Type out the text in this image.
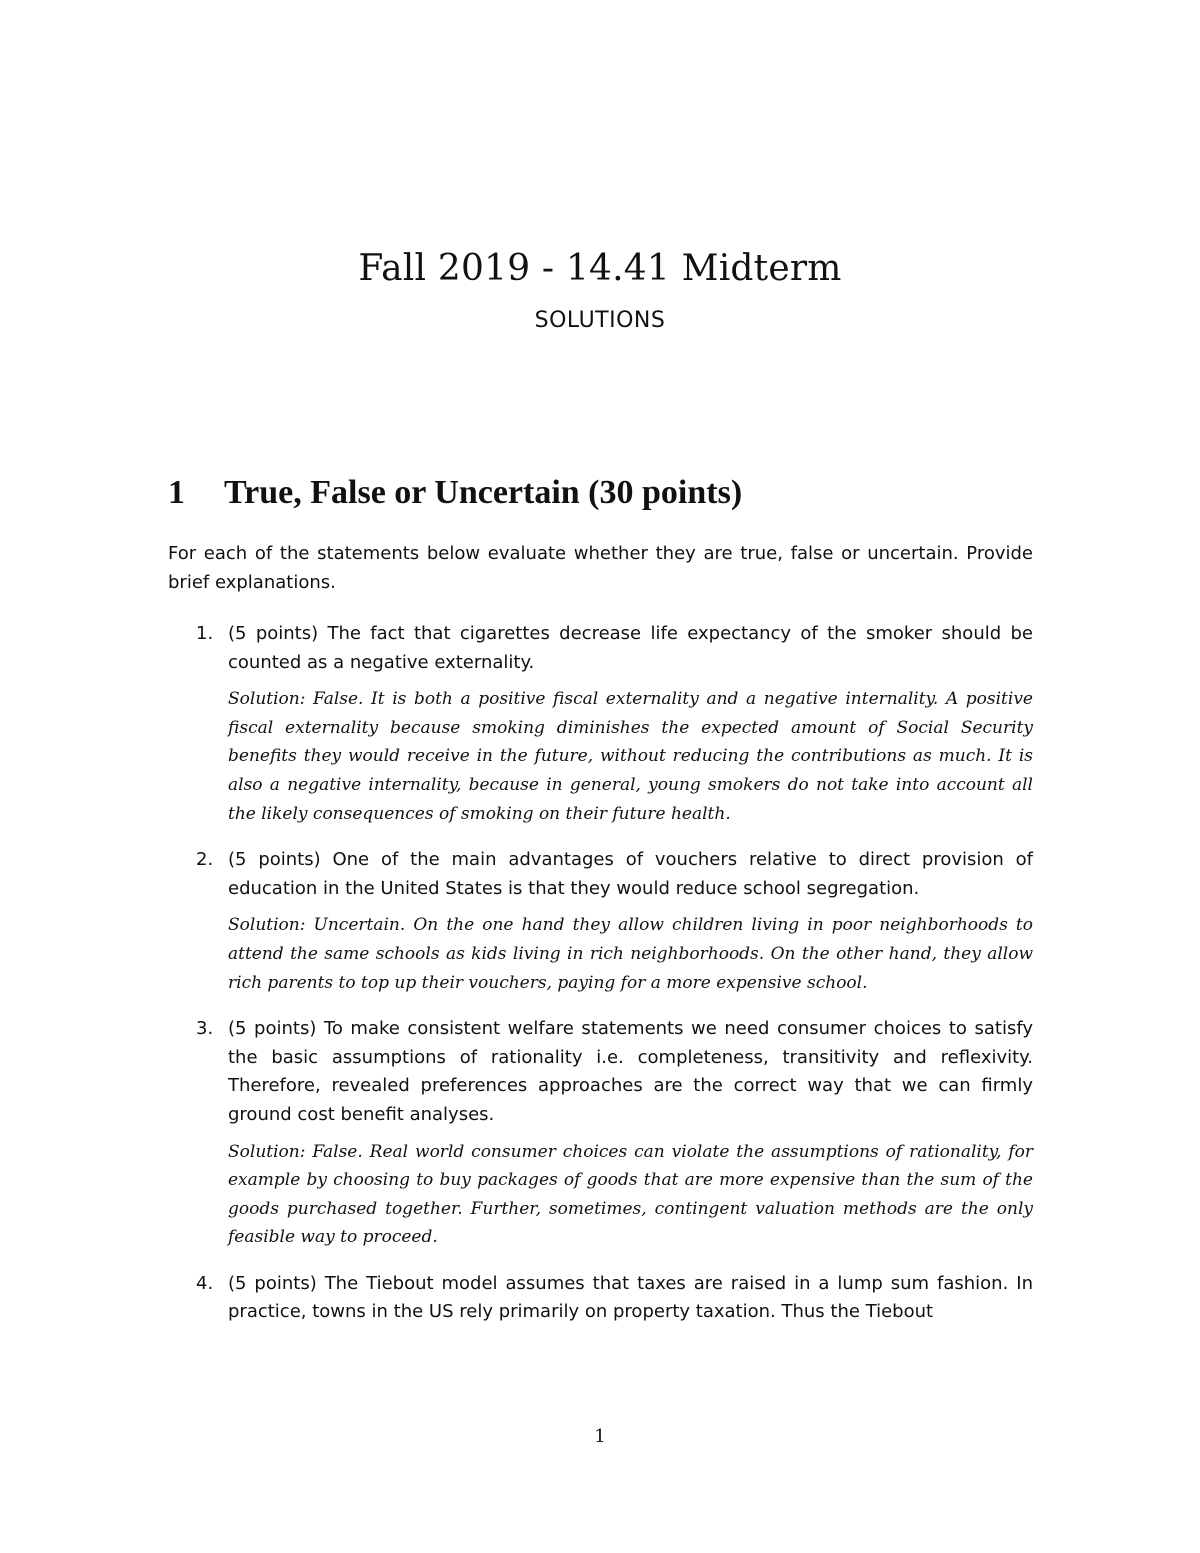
Fall 2019 - 14.41 Midterm
SOLUTIONS
1 True, False or Uncertain (30 points)

For each of the statements below evaluate whether they are true, false or uncertain. Provide brief explanations.

1. (5 points) The fact that cigarettes decrease life expectancy of the smoker should be counted as a negative externality.

Solution: False. It is both a positive fiscal externality and a negative internality. A positive fiscal externality because smoking diminishes the expected amount of Social Security benefits they would receive in the future, without reducing the contributions as much. It is also a negative internality, because in general, young smokers do not take into account all the likely consequences of smoking on their future health.

2. (5 points) One of the main advantages of vouchers relative to direct provision of education in the United States is that they would reduce school segregation.

Solution: Uncertain. On the one hand they allow children living in poor neighborhoods to attend the same schools as kids living in rich neighborhoods. On the other hand, they allow rich parents to top up their vouchers, paying for a more expensive school.

3. (5 points) To make consistent welfare statements we need consumer choices to satisfy the basic assumptions of rationality i.e. completeness, transitivity and reflexivity. Therefore, revealed preferences approaches are the correct way that we can firmly ground cost benefit analyses.

Solution: False. Real world consumer choices can violate the assumptions of rationality, for example by choosing to buy packages of goods that are more expensive than the sum of the goods purchased together. Further, sometimes, contingent valuation methods are the only feasible way to proceed.

4. (5 points) The Tiebout model assumes that taxes are raised in a lump sum fashion. In practice, towns in the US rely primarily on property taxation. Thus the Tiebout

1
